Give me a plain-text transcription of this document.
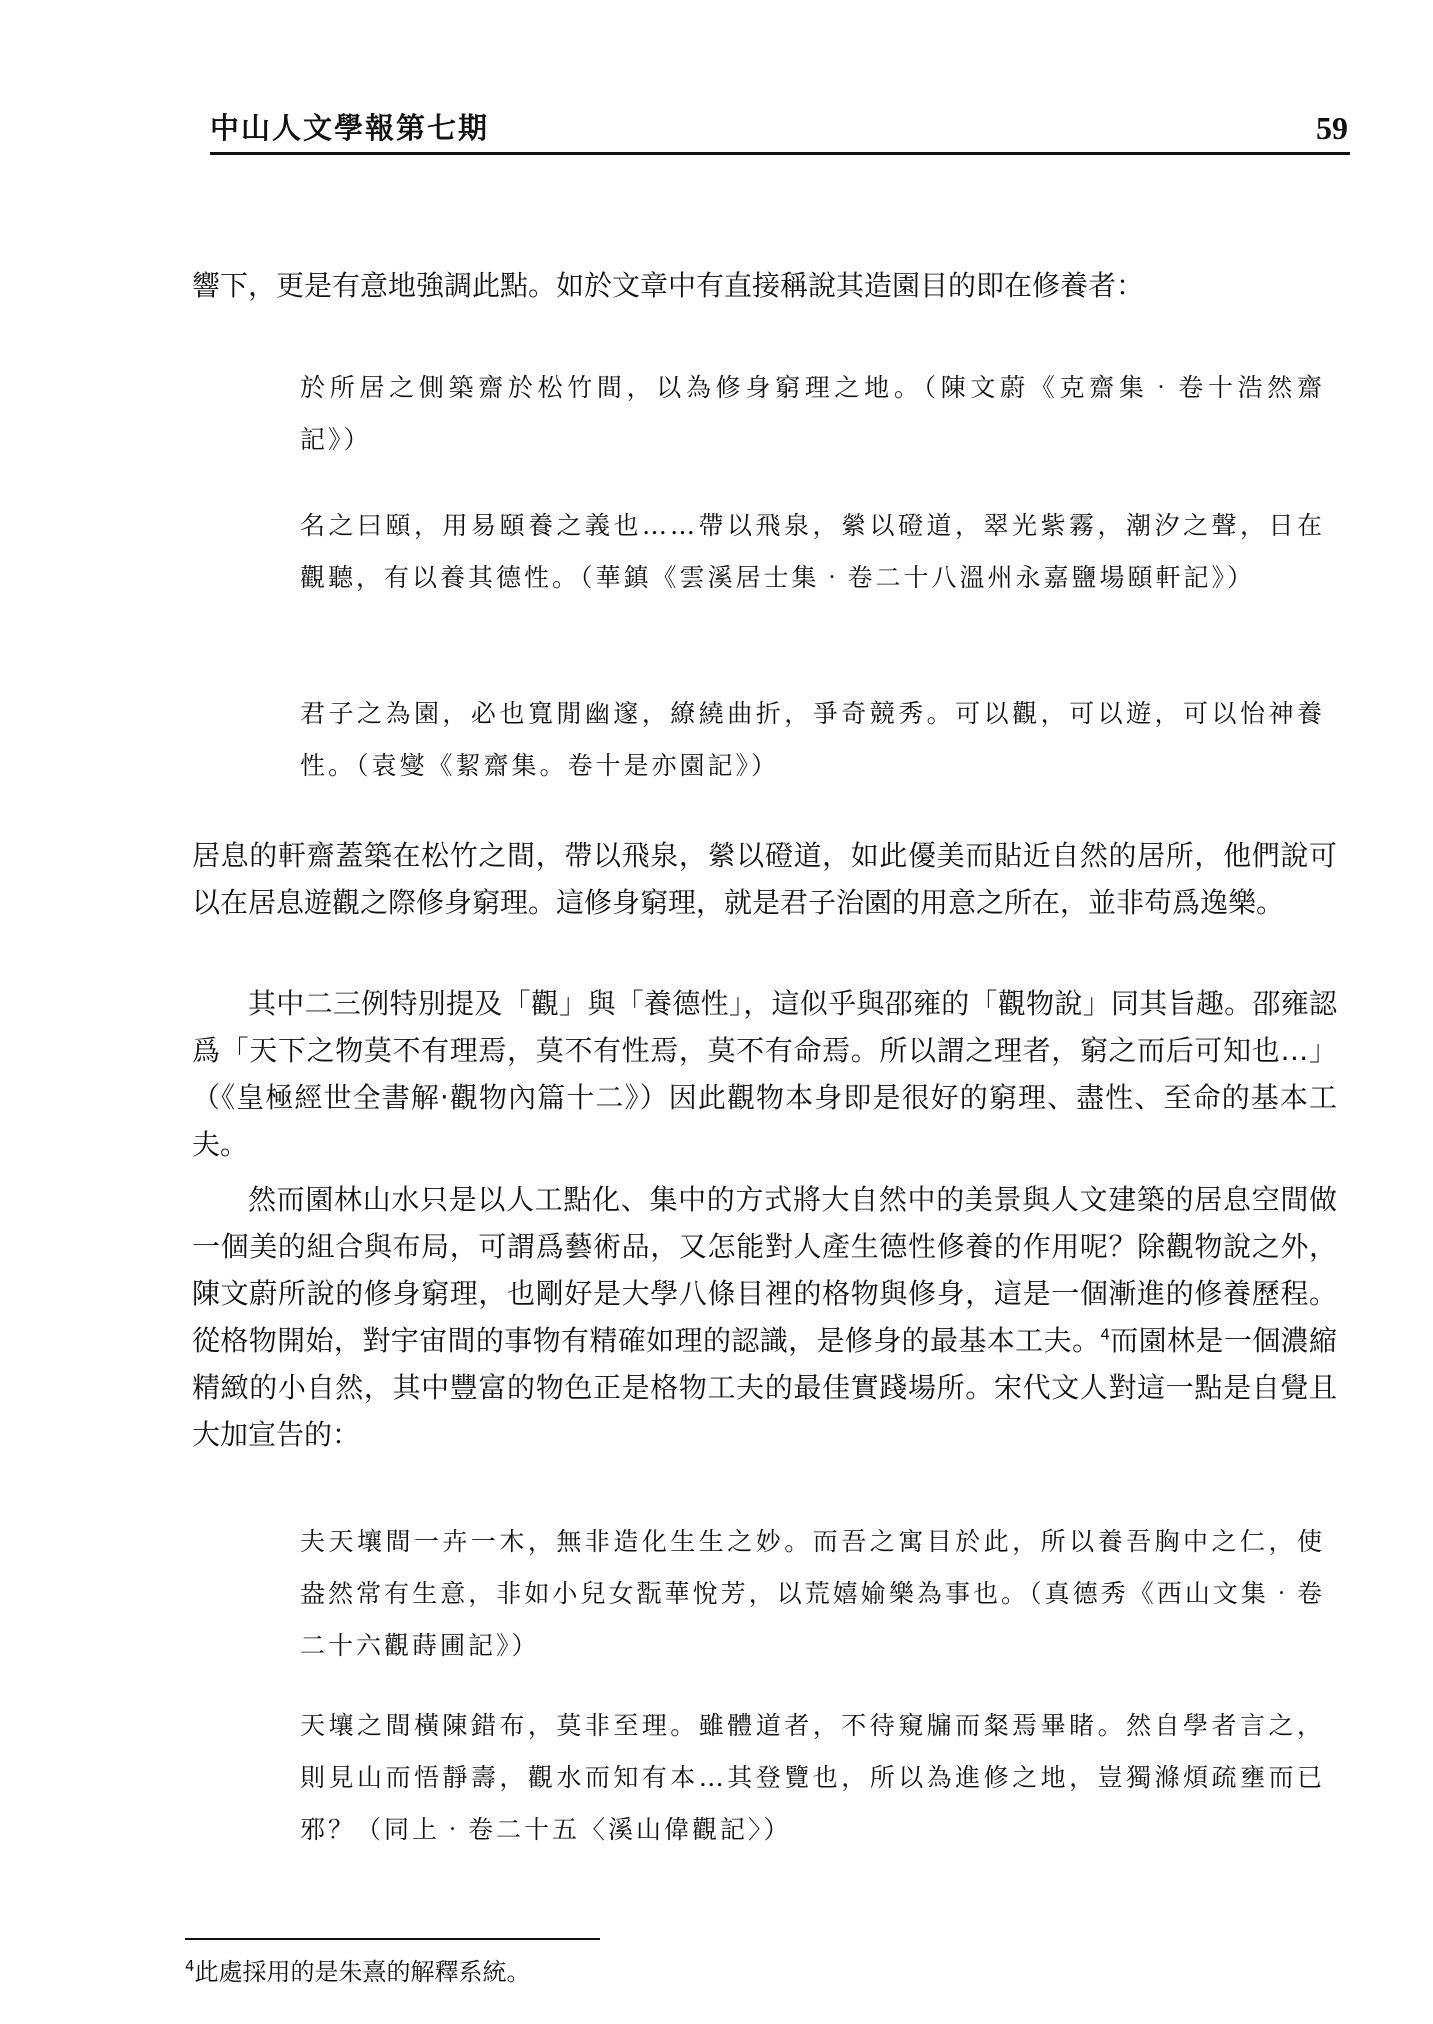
中山人文學報第七期	59

響下，更是有意地強調此點。如於文章中有直接稱說其造園目的即在修養者：

於所居之側築齋於松竹間，以為修身窮理之地。（陳文蔚《克齋集‧卷十浩然齋記》）

名之曰頤，用易頤養之義也……帶以飛泉，縈以磴道，翠光紫霧，潮汐之聲，日在觀聽，有以養其德性。（華鎮《雲溪居士集‧卷二十八溫州永嘉鹽場頤軒記》）

君子之為園，必也寬閒幽邃，繚繞曲折，爭奇競秀。可以觀，可以遊，可以怡神養性。（袁燮《絜齋集。卷十是亦園記》）

居息的軒齋蓋築在松竹之間，帶以飛泉，縈以磴道，如此優美而貼近自然的居所，他們說可以在居息遊觀之際修身窮理。這修身窮理，就是君子治園的用意之所在，並非苟爲逸樂。

其中二三例特別提及「觀」與「養德性」，這似乎與邵雍的「觀物說」同其旨趣。邵雍認爲「天下之物莫不有理焉，莫不有性焉，莫不有命焉。所以謂之理者，窮之而后可知也…」（《皇極經世全書解‧觀物內篇十二》）因此觀物本身即是很好的窮理、盡性、至命的基本工夫。

然而園林山水只是以人工點化、集中的方式將大自然中的美景與人文建築的居息空間做一個美的組合與布局，可謂爲藝術品，又怎能對人產生德性修養的作用呢？除觀物說之外，陳文蔚所說的修身窮理，也剛好是大學八條目裡的格物與修身，這是一個漸進的修養歷程。從格物開始，對宇宙間的事物有精確如理的認識，是修身的最基本工夫。$^4$而園林是一個濃縮精緻的小自然，其中豐富的物色正是格物工夫的最佳實踐場所。宋代文人對這一點是自覺且大加宣告的：

夫天壤間一卉一木，無非造化生生之妙。而吾之寓目於此，所以養吾胸中之仁，使盎然常有生意，非如小兒女翫華悅芳，以荒嬉媮樂為事也。（真德秀《西山文集‧卷二十六觀蒔圃記》）

天壤之間橫陳錯布，莫非至理。雖體道者，不待窺牖而粲焉畢睹。然自學者言之，則見山而悟靜壽，觀水而知有本…其登覽也，所以為進修之地，豈獨滌煩疏壅而已邪？（同上‧卷二十五〈溪山偉觀記〉）

$^4$此處採用的是朱熹的解釋系統。
